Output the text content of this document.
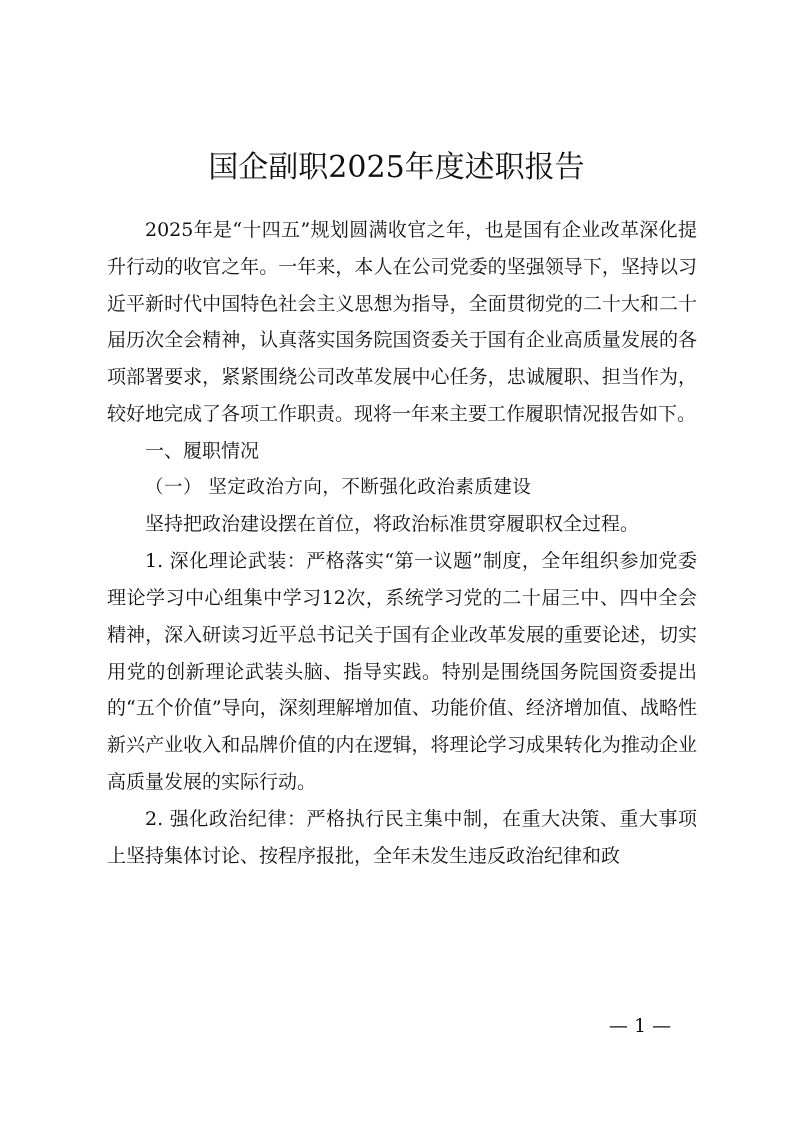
国企副职2025年度述职报告

2025年是“十四五”规划圆满收官之年，也是国有企业改革深化提升行动的收官之年。一年来，本人在公司党委的坚强领导下，坚持以习近平新时代中国特色社会主义思想为指导，全面贯彻党的二十大和二十届历次全会精神，认真落实国务院国资委关于国有企业高质量发展的各项部署要求，紧紧围绕公司改革发展中心任务，忠诚履职、担当作为，较好地完成了各项工作职责。现将一年来主要工作履职情况报告如下。

一、履职情况

（一） 坚定政治方向，不断强化政治素质建设

坚持把政治建设摆在首位，将政治标准贯穿履职权全过程。

1. 深化理论武装：严格落实“第一议题”制度，全年组织参加党委理论学习中心组集中学习12次，系统学习党的二十届三中、四中全会精神，深入研读习近平总书记关于国有企业改革发展的重要论述，切实用党的创新理论武装头脑、指导实践。特别是围绕国务院国资委提出的“五个价值”导向，深刻理解增加值、功能价值、经济增加值、战略性新兴产业收入和品牌价值的内在逻辑，将理论学习成果转化为推动企业高质量发展的实际行动。

2. 强化政治纪律：严格执行民主集中制，在重大决策、重大事项上坚持集体讨论、按程序报批，全年未发生违反政治纪律和政

— 1 —
